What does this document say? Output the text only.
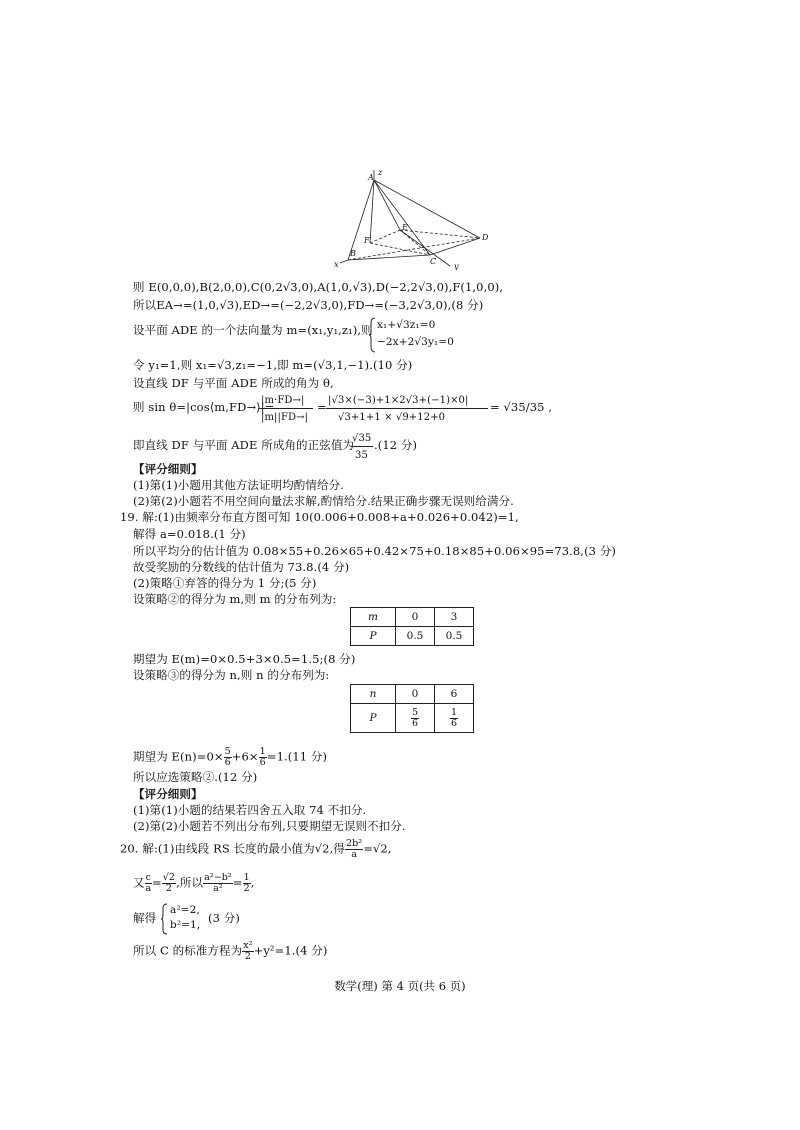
A
z
E
D
B
F
C
x	y
则 E(0,0,0),B(2,0,0),C(0,2√3,0),A(1,0,√3),D(−2,2√3,0),F(1,0,0),
所以EA→=(1,0,√3),ED→=(−2,2√3,0),FD→=(−3,2√3,0),(8 分)
设平面 ADE 的一个法向量为 m=(x₁,y₁,z₁),则 x₁+√3z₁=0
−2x+2√3y₁=0
令 y₁=1,则 x₁=√3,z₁=−1,即 m=(√3,1,−1).(10 分)
设直线 DF 与平面 ADE 所成的角为 θ,
则 sin θ=|cos⟨m,FD→⟩|=
|m·FD→|
|m||FD→|
= |√3×(−3)+1×2√3+(−1)×0|
√3+1+1 × √9+12+0
= √35/35 ,
即直线 DF 与平面 ADE 所成角的正弦值为
√35
35
.(12 分)
【评分细则】
(1)第(1)小题用其他方法证明均酌情给分.
(2)第(2)小题若不用空间向量法求解,酌情给分.结果正确步骤无误则给满分.
19. 解:(1)由频率分布直方图可知 10(0.006+0.008+a+0.026+0.042)=1,
解得 a=0.018.(1 分)
所以平均分的估计值为 0.08×55+0.26×65+0.42×75+0.18×85+0.06×95=73.8,(3 分)
故受奖励的分数线的估计值为 73.8.(4 分)
(2)策略①弃答的得分为 1 分;(5 分)
设策略②的得分为 m,则 m 的分布列为:
m	0	3
P	0.5	0.5
期望为 E(m)=0×0.5+3×0.5=1.5;(8 分)
设策略③的得分为 n,则 n 的分布列为:
n	0	6
P	$\frac{5}{6}$	$\frac{1}{6}$
期望为 $E(n)=0\times \frac{5}{6} +6\times \frac{1}{6} =1.(11$ 分)
所以应选策略②.(12 分)
【评分细则】
(1)第(1)小题的结果若四舍五入取 74 不扣分.
(2)第(2)小题若不列出分布列,只要期望无误则不扣分.
20. 解:(1)由线段 RS 长度的最小值为√2,得 $\frac{\text{2b²}}{a} =√2$,
又 $\frac{c}{a} = \frac{√2}{2}$ ,所以 $\frac{\text{a²−b²}}{\text{a²}} = \frac{1}{2}$ ,
解得
a²=2,
b²=1, (3 分)
所以 C 的标准方程为 $\frac{\text{x²}}{2} +y^2=1.(4$ 分)
数学(理) 第 4 页(共 6 页)
